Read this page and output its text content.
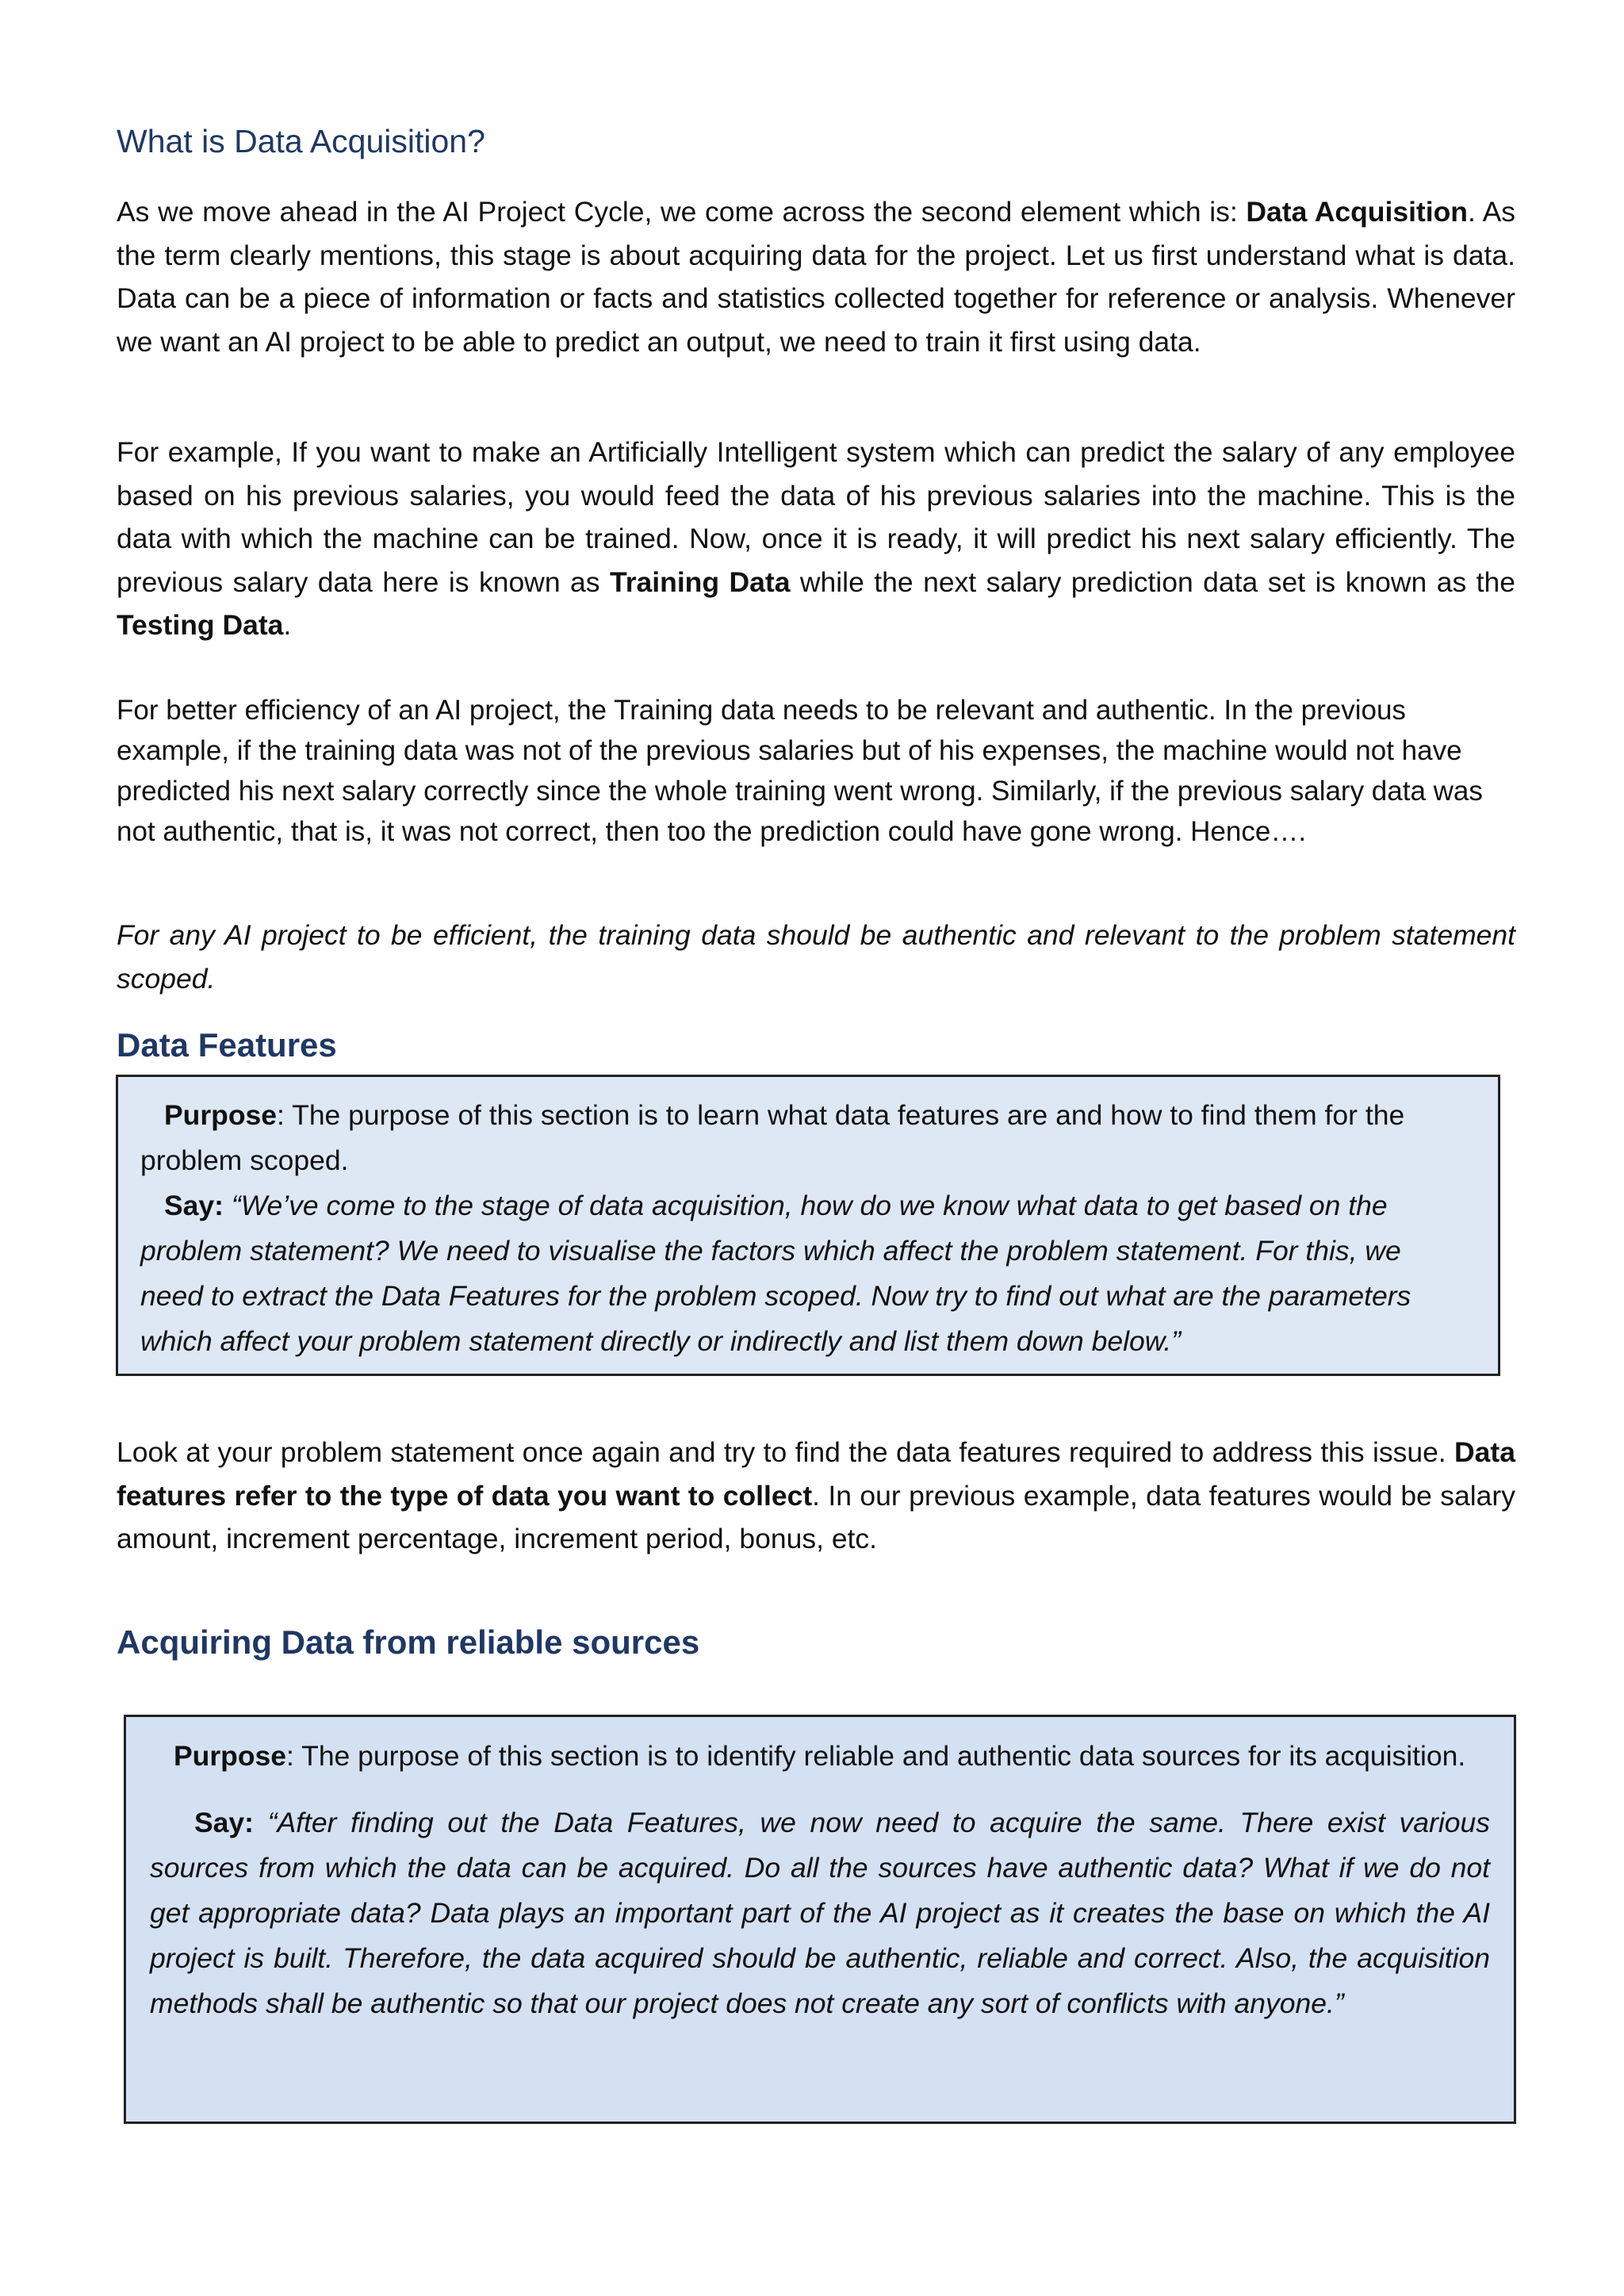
What is Data Acquisition?

As we move ahead in the AI Project Cycle, we come across the second element which is: Data Acquisition. As the term clearly mentions, this stage is about acquiring data for the project. Let us first understand what is data. Data can be a piece of information or facts and statistics collected together for reference or analysis. Whenever we want an AI project to be able to predict an output, we need to train it first using data.

For example, If you want to make an Artificially Intelligent system which can predict the salary of any employee based on his previous salaries, you would feed the data of his previous salaries into the machine. This is the data with which the machine can be trained. Now, once it is ready, it will predict his next salary efficiently. The previous salary data here is known as Training Data while the next salary prediction data set is known as the Testing Data.

For better efficiency of an AI project, the Training data needs to be relevant and authentic. In the previous example, if the training data was not of the previous salaries but of his expenses, the machine would not have predicted his next salary correctly since the whole training went wrong. Similarly, if the previous salary data was not authentic, that is, it was not correct, then too the prediction could have gone wrong. Hence….

For any AI project to be efficient, the training data should be authentic and relevant to the problem statement scoped.

Data Features

Purpose: The purpose of this section is to learn what data features are and how to find them for the problem scoped.

Say: “We’ve come to the stage of data acquisition, how do we know what data to get based on the problem statement? We need to visualise the factors which affect the problem statement. For this, we need to extract the Data Features for the problem scoped. Now try to find out what are the parameters which affect your problem statement directly or indirectly and list them down below.”

Look at your problem statement once again and try to find the data features required to address this issue. Data features refer to the type of data you want to collect. In our previous example, data features would be salary amount, increment percentage, increment period, bonus, etc.

Acquiring Data from reliable sources

Purpose: The purpose of this section is to identify reliable and authentic data sources for its acquisition.

Say: “After finding out the Data Features, we now need to acquire the same. There exist various sources from which the data can be acquired. Do all the sources have authentic data? What if we do not get appropriate data? Data plays an important part of the AI project as it creates the base on which the AI project is built. Therefore, the data acquired should be authentic, reliable and correct. Also, the acquisition methods shall be authentic so that our project does not create any sort of conflicts with anyone.”
